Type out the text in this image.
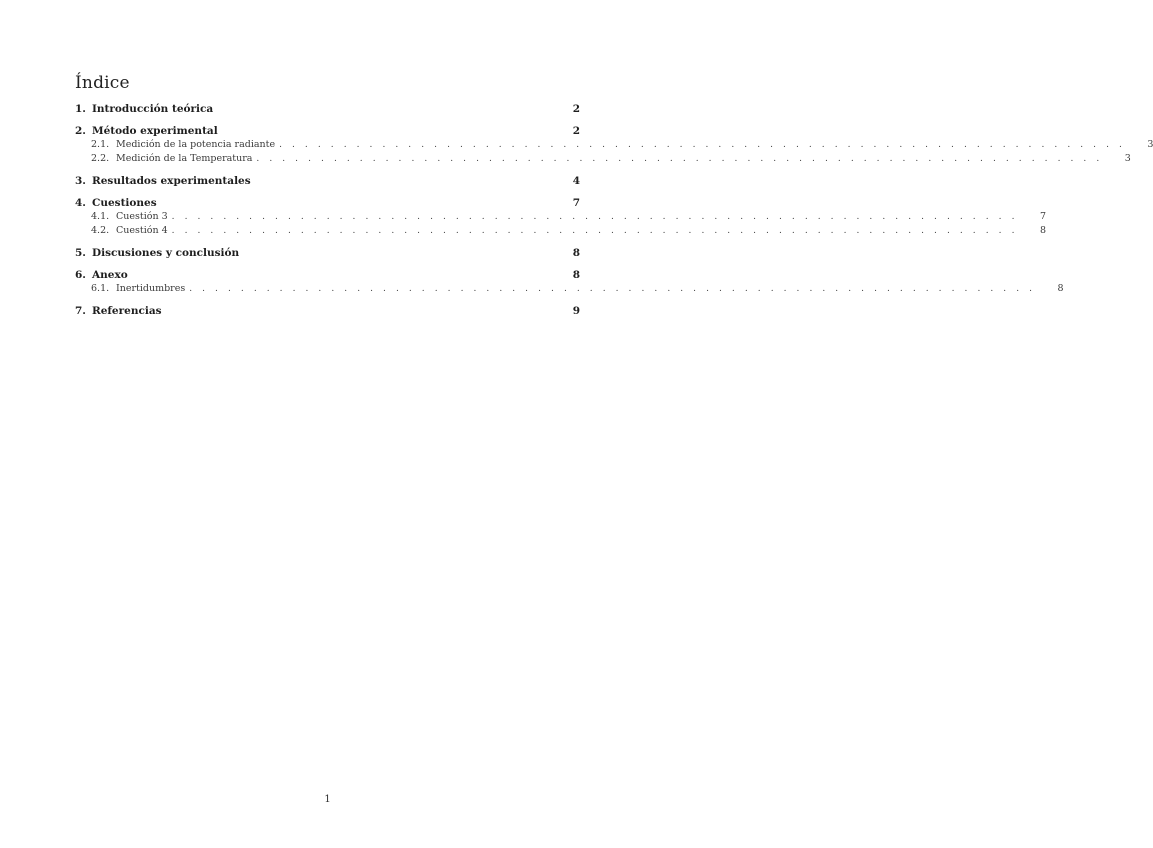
Índice
1. Introducción teórica	2
2. Método experimental	2
2.1. Medición de la potencia radiante . . . . . . . . . . . . . . . . . . . . . . . . . . . . . . . . . . . . . . . . . . . . . . . . . . . . . . . . . . . . . . . . . .	3
2.2. Medición de la Temperatura . . . . . . . . . . . . . . . . . . . . . . . . . . . . . . . . . . . . . . . . . . . . . . . . . . . . . . . . . . . . . . . . . .	3
3. Resultados experimentales	4
4. Cuestiones	7
4.1. Cuestión 3 . . . . . . . . . . . . . . . . . . . . . . . . . . . . . . . . . . . . . . . . . . . . . . . . . . . . . . . . . . . . . . . . . .	7
4.2. Cuestión 4 . . . . . . . . . . . . . . . . . . . . . . . . . . . . . . . . . . . . . . . . . . . . . . . . . . . . . . . . . . . . . . . . . .	8
5. Discusiones y conclusión	8
6. Anexo	8
6.1. Inertidumbres . . . . . . . . . . . . . . . . . . . . . . . . . . . . . . . . . . . . . . . . . . . . . . . . . . . . . . . . . . . . . . . . . .	8
7. Referencias	9
1
